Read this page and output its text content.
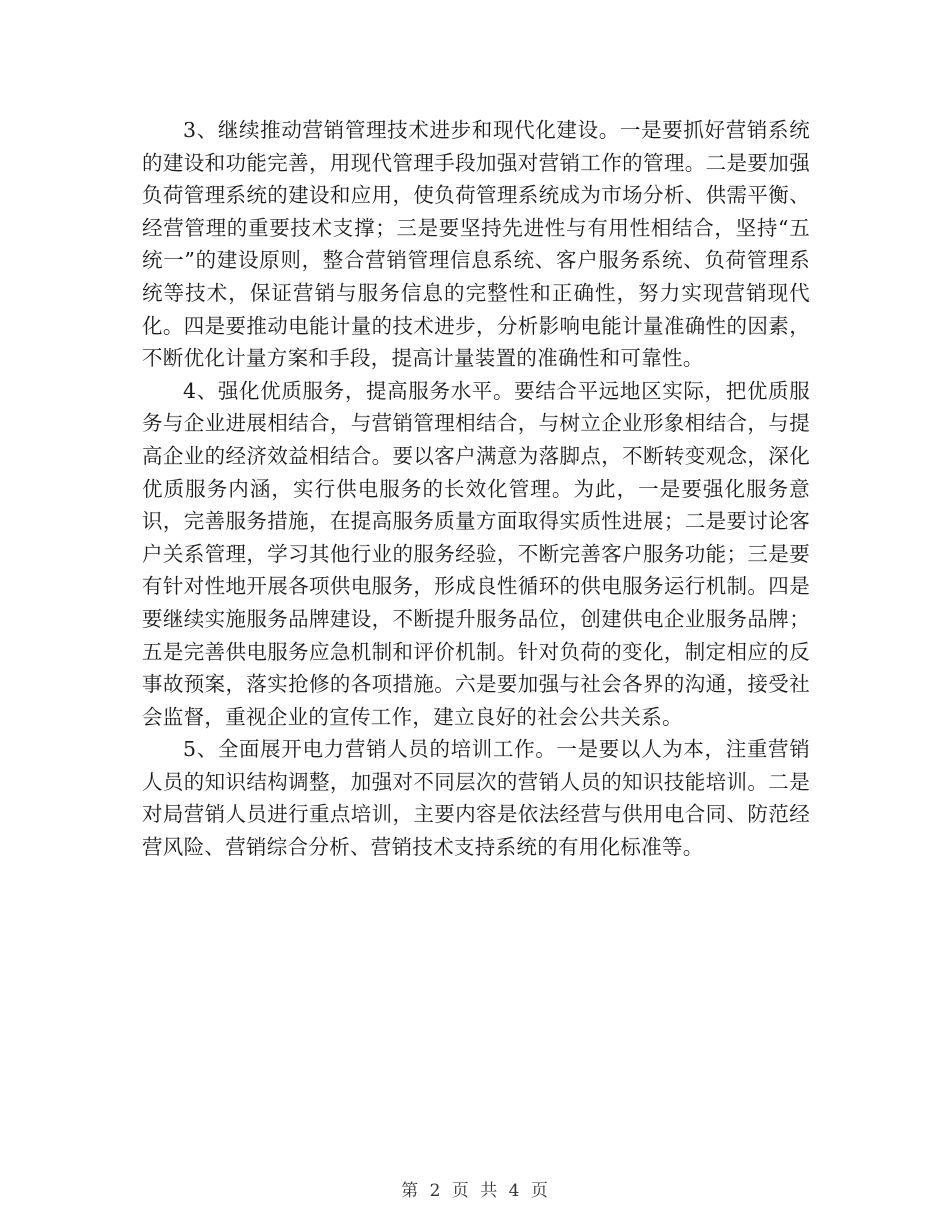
3、继续推动营销管理技术进步和现代化建设。一是要抓好营销系统的建设和功能完善，用现代管理手段加强对营销工作的管理。二是要加强负荷管理系统的建设和应用，使负荷管理系统成为市场分析、供需平衡、经营管理的重要技术支撑；三是要坚持先进性与有用性相结合，坚持“五统一”的建设原则，整合营销管理信息系统、客户服务系统、负荷管理系统等技术，保证营销与服务信息的完整性和正确性，努力实现营销现代化。四是要推动电能计量的技术进步，分析影响电能计量准确性的因素，不断优化计量方案和手段，提高计量装置的准确性和可靠性。

4、强化优质服务，提高服务水平。要结合平远地区实际，把优质服务与企业进展相结合，与营销管理相结合，与树立企业形象相结合，与提高企业的经济效益相结合。要以客户满意为落脚点，不断转变观念，深化优质服务内涵，实行供电服务的长效化管理。为此，一是要强化服务意识，完善服务措施，在提高服务质量方面取得实质性进展；二是要讨论客户关系管理，学习其他行业的服务经验，不断完善客户服务功能；三是要有针对性地开展各项供电服务，形成良性循环的供电服务运行机制。四是要继续实施服务品牌建设，不断提升服务品位，创建供电企业服务品牌；五是完善供电服务应急机制和评价机制。针对负荷的变化，制定相应的反事故预案，落实抢修的各项措施。六是要加强与社会各界的沟通，接受社会监督，重视企业的宣传工作，建立良好的社会公共关系。

5、全面展开电力营销人员的培训工作。一是要以人为本，注重营销人员的知识结构调整，加强对不同层次的营销人员的知识技能培训。二是对局营销人员进行重点培训，主要内容是依法经营与供用电合同、防范经营风险、营销综合分析、营销技术支持系统的有用化标准等。

第 2 页 共 4 页
